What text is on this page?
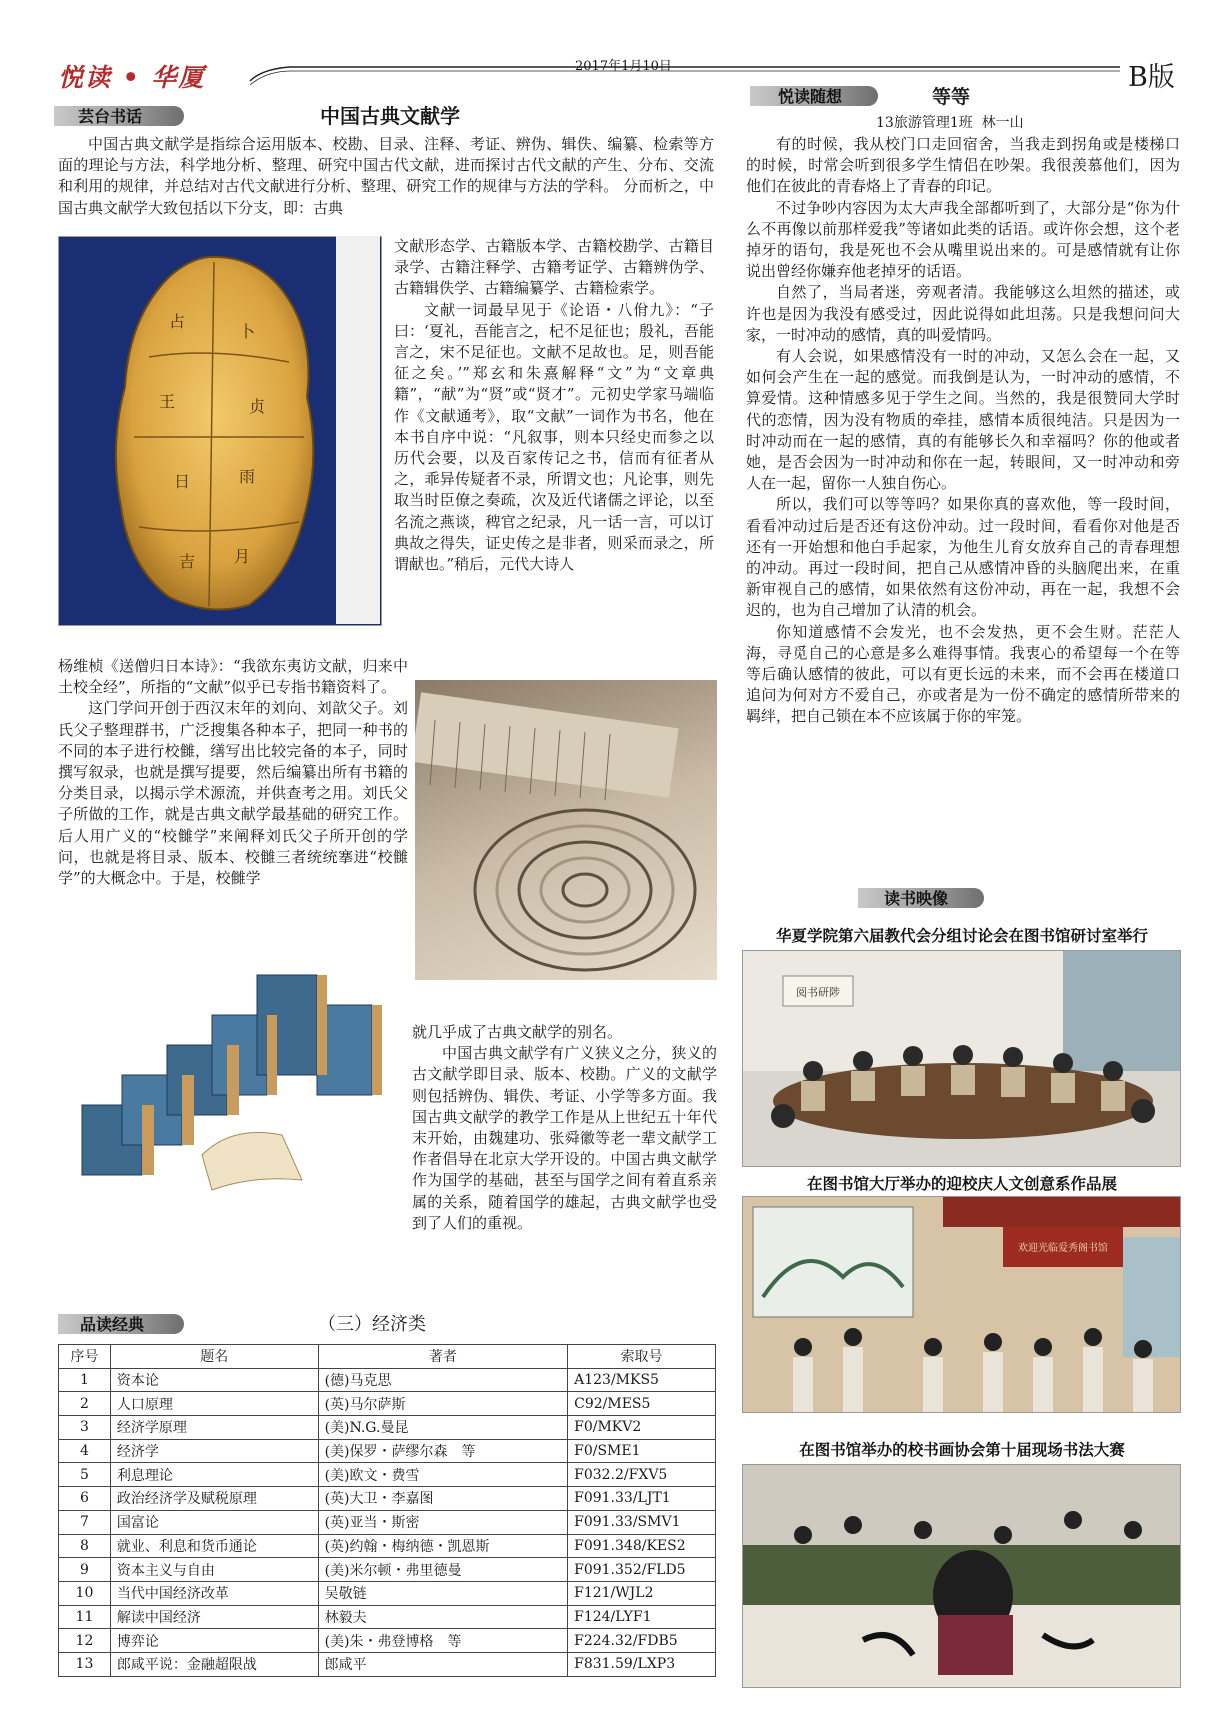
悦读 • 华厦	2017年1月10日	B版
芸台书话	中国古典文献学

中国古典文献学是指综合运用版本、校勘、目录、注释、考证、辨伪、辑佚、编纂、检索等方面的理论与方法，科学地分析、整理、研究中国古代文献，进而探讨古代文献的产生、分布、交流和利用的规律，并总结对古代文献进行分析、整理、研究工作的规律与方法的学科。 分而析之，中国古典文献学大致包括以下分支，即：古典

占
卜
王	贞
日	雨
吉 月

文献形态学、古籍版本学、古籍校勘学、古籍目录学、古籍注释学、古籍考证学、古籍辨伪学、古籍辑佚学、古籍编纂学、古籍检索学。

文献一词最早见于《论语・八佾九》：“子曰：‘夏礼，吾能言之，杞不足征也；殷礼，吾能言之，宋不足征也。文献不足故也。足，则吾能征之矣。’”郑玄和朱熹解释“文”为“文章典籍”，“献”为“贤”或“贤才”。元初史学家马端临作《文献通考》，取“文献”一词作为书名，他在本书自序中说：“凡叙事，则本只经史而参之以历代会要，以及百家传记之书，信而有征者从之，乖异传疑者不录，所谓文也；凡论事，则先取当时臣僚之奏疏，次及近代诸儒之评论，以至名流之燕谈，稗官之纪录，凡一话一言，可以订典故之得失，证史传之是非者，则采而录之，所谓献也。”稍后，元代大诗人

杨维桢《送僧归日本诗》：“我欲东夷访文献，归来中土校全经”，所指的“文献”似乎已专指书籍资料了。

这门学问开创于西汉末年的刘向、刘歆父子。刘氏父子整理群书，广泛搜集各种本子，把同一种书的不同的本子进行校雠，缮写出比较完备的本子，同时撰写叙录，也就是撰写提要，然后编纂出所有书籍的分类目录，以揭示学术源流，并供查考之用。刘氏父子所做的工作，就是古典文献学最基础的研究工作。后人用广义的“校雠学”来阐释刘氏父子所开创的学问，也就是将目录、版本、校雠三者统统搴进“校雠学”的大概念中。于是，校雠学

就几乎成了古典文献学的别名。

中国古典文献学有广义狭义之分，狭义的古文献学即目录、版本、校勘。广义的文献学则包括辨伪、辑佚、考证、小学等多方面。我国古典文献学的教学工作是从上世纪五十年代末开始，由魏建功、张舜徽等老一辈文献学工作者倡导在北京大学开设的。中国古典文献学作为国学的基础，甚至与国学之间有着直系亲属的关系，随着国学的雄起，古典文献学也受到了人们的重视。

悦读随想	等等
13旅游管理1班  林一山

有的时候，我从校门口走回宿舍，当我走到拐角或是楼梯口的时候，时常会听到很多学生情侣在吵架。我很羡慕他们，因为他们在彼此的青春烙上了青春的印记。

不过争吵内容因为太大声我全部都听到了，大部分是“你为什么不再像以前那样爱我”等诸如此类的话语。或许你会想，这个老掉牙的语句，我是死也不会从嘴里说出来的。可是感情就有让你说出曾经你嫌弃他老掉牙的话语。

自然了，当局者迷，旁观者清。我能够这么坦然的描述，或许也是因为我没有感受过，因此说得如此坦荡。只是我想问问大家，一时冲动的感情，真的叫爱情吗。

有人会说，如果感情没有一时的冲动，又怎么会在一起，又如何会产生在一起的感觉。而我倒是认为，一时冲动的感情，不算爱情。这种情感多见于学生之间。当然的，我是很赞同大学时代的恋情，因为没有物质的牵挂，感情本质很纯洁。只是因为一时冲动而在一起的感情，真的有能够长久和幸福吗？你的他或者她，是否会因为一时冲动和你在一起，转眼间，又一时冲动和旁人在一起，留你一人独自伤心。

所以，我们可以等等吗？如果你真的喜欢他，等一段时间，看看冲动过后是否还有这份冲动。过一段时间，看看你对他是否还有一开始想和他白手起家，为他生儿育女放弃自己的青春理想的冲动。再过一段时间，把自己从感情冲昏的头脑爬出来，在重新审视自己的感情，如果依然有这份冲动，再在一起，我想不会迟的，也为自己增加了认清的机会。

你知道感情不会发光，也不会发热，更不会生财。茫茫人海，寻觅自己的心意是多么难得事情。我衷心的希望每一个在等等后确认感情的彼此，可以有更长远的未来，而不会再在楼道口追问为何对方不爱自己，亦或者是为一份不确定的感情所带来的羁绊，把自己锁在本不应该属于你的牢笼。

读书映像
华夏学院第六届教代会分组讨论会在图书馆研讨室举行
阅书研陟
在图书馆大厅举办的迎校庆人文创意系作品展
欢迎光临爱秀阁书馆
在图书馆举办的校书画协会第十届现场书法大赛
品读经典	（三）经济类
序号	题名	著者	索取号
1	资本论	(德)马克思	A123/MKS5
2	人口原理	(英)马尔萨斯	C92/MES5
3	经济学原理	(美)N.G.曼昆	F0/MKV2
4	经济学	(美)保罗・萨缪尔森　等	F0/SME1
5	利息理论	(美)欧文・费雪	F032.2/FXV5
6	政治经济学及赋税原理	(英)大卫・李嘉图	F091.33/LJT1
7	国富论	(英)亚当・斯密	F091.33/SMV1
8	就业、利息和货币通论	(英)约翰・梅纳德・凯恩斯	F091.348/KES2
9	资本主义与自由	(美)米尔顿・弗里德曼	F091.352/FLD5
10	当代中国经济改革	吴敬链	F121/WJL2
11	解读中国经济	林毅夫	F124/LYF1
12	博弈论	(美)朱・弗登博格　等	F224.32/FDB5
13	郎咸平说：金融超限战	郎咸平	F831.59/LXP3
